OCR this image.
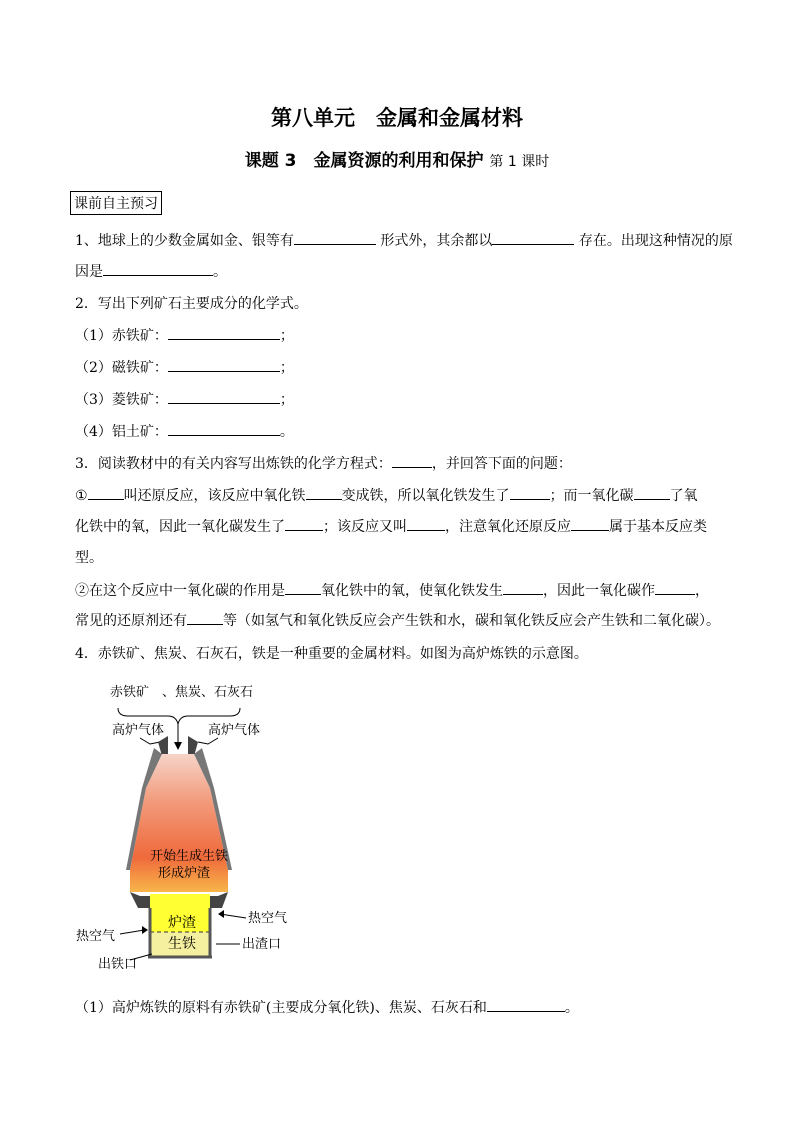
第八单元　金属和金属材料
课题 3　金属资源的利用和保护 第 1 课时
课前自主预习
1、地球上的少数金属如金、银等有	形式外，其余都以	存在。出现这种情况的原
因是	。
2．写出下列矿石主要成分的化学式。
（1）赤铁矿：	；
（2）磁铁矿：	；
（3）菱铁矿：	；
（4）铝土矿：	。
3．阅读教材中的有关内容写出炼铁的化学方程式：	，并回答下面的问题：
①	叫还原反应，该反应中氧化铁	变成铁，所以氧化铁发生了	；而一氧化碳	了氧
化铁中的氧，因此一氧化碳发生了	；该反应又叫	，注意氧化还原反应	属于基本反应类
型。
②在这个反应中一氧化碳的作用是	氧化铁中的氧，使氧化铁发生	，因此一氧化碳作	，
常见的还原剂还有	等（如氢气和氧化铁反应会产生铁和水，碳和氧化铁反应会产生铁和二氧化碳）。
4．赤铁矿、焦炭、石灰石，铁是一种重要的金属材料。如图为高炉炼铁的示意图。
赤铁矿　、焦炭、石灰石
高炉气体	高炉气体
开始生成生铁
形成炉渣
炉渣
生铁
热空气
热空气
出渣口
出铁口
（1）高炉炼铁的原料有赤铁矿(主要成分氧化铁)、焦炭、石灰石和	。
